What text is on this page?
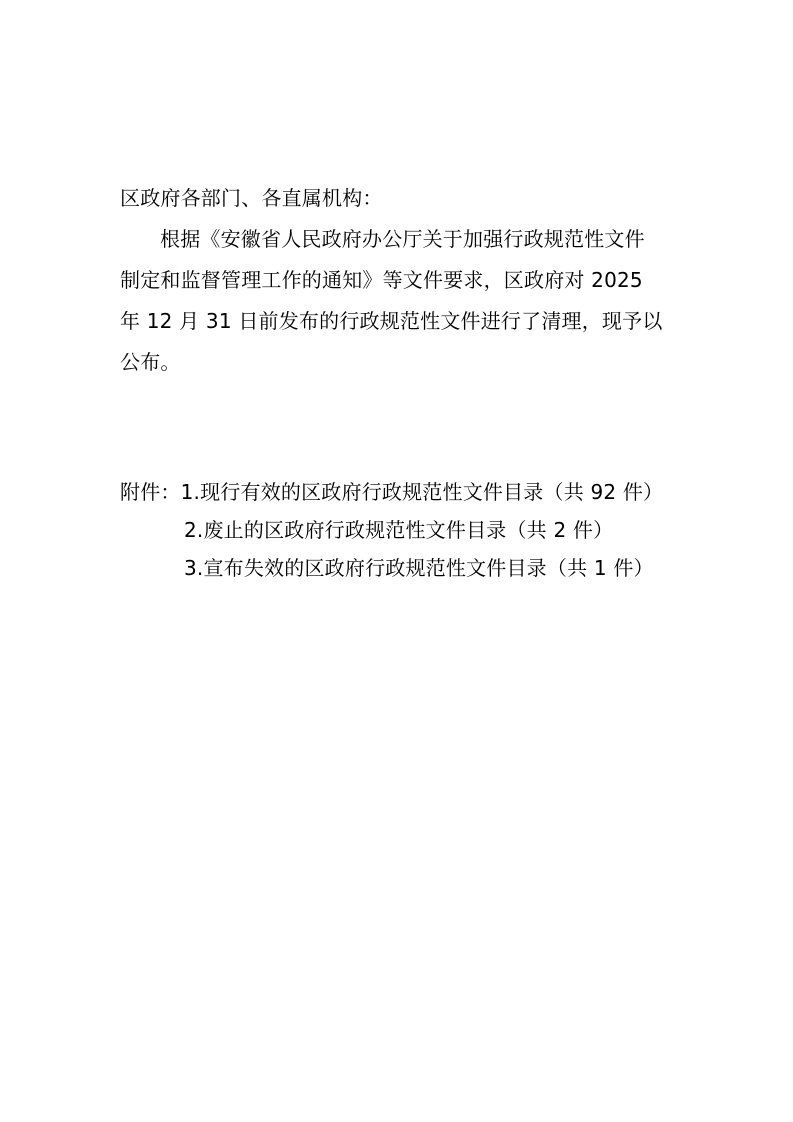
区政府各部门、各直属机构：
根据《安徽省人民政府办公厅关于加强行政规范性文件
制定和监督管理工作的通知》等文件要求，区政府对 2025
年 12 月 31 日前发布的行政规范性文件进行了清理，现予以
公布。
附件：1.现行有效的区政府行政规范性文件目录（共 92 件）
2.废止的区政府行政规范性文件目录（共 2 件）
3.宣布失效的区政府行政规范性文件目录（共 1 件）
